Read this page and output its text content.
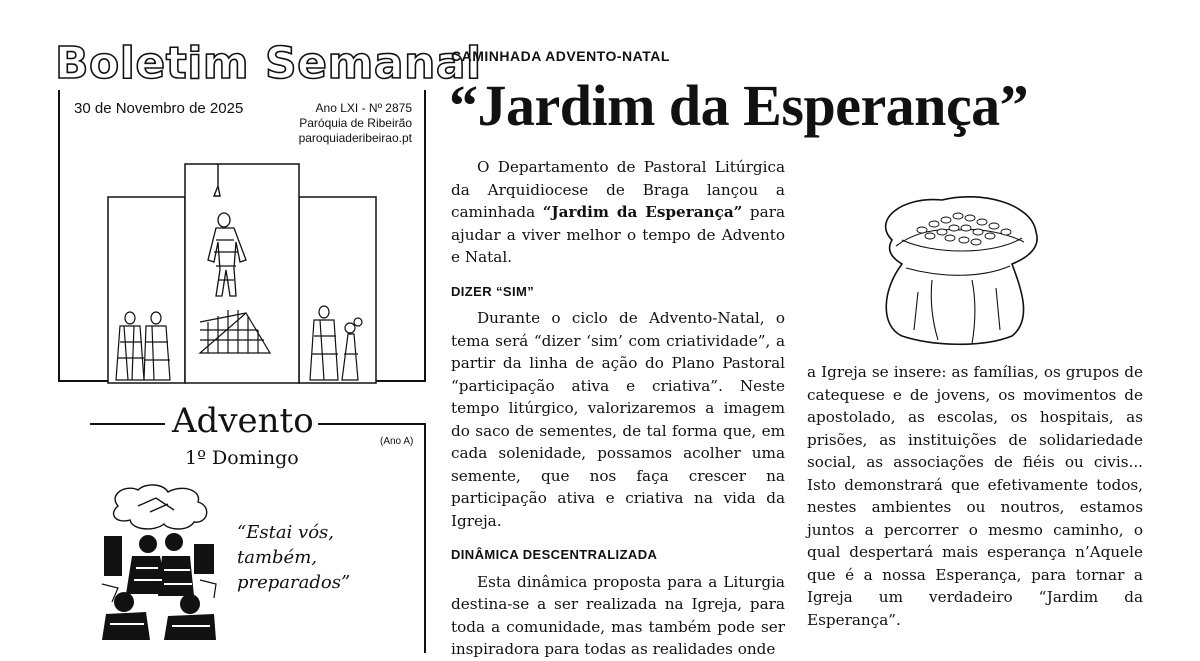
Boletim Semanal
30 de Novembro de 2025	Ano LXI - Nº 2875
Paróquia de Ribeirão
paroquiaderibeirao.pt
Advento
(Ano A)
1º Domingo
“Estai vós,
também,
preparados”
CAMINHADA ADVENTO-NATAL
“Jardim da Esperança”

O Departamento de Pastoral Litúrgica da Arquidiocese de Braga lançou a caminhada “Jardim da Esperança” para ajudar a viver melhor o tempo de Advento e Natal.

DIZER “SIM”

Durante o ciclo de Advento-Natal, o tema será “dizer ‘sim’ com criatividade”, a partir da linha de ação do Plano Pastoral “participação ativa e criativa”. Neste tempo litúrgico, valorizaremos a imagem do saco de sementes, de tal forma que, em cada solenidade, possamos acolher uma semente, que nos faça crescer na participação ativa e criativa na vida da Igreja.

DINÂMICA DESCENTRALIZADA

Esta dinâmica proposta para a Liturgia destina-se a ser realizada na Igreja, para toda a comunidade, mas também pode ser inspiradora para todas as realidades onde

a Igreja se insere: as famílias, os grupos de catequese e de jovens, os movimentos de apostolado, as escolas, os hospitais, as prisões, as instituições de solidariedade social, as associações de fiéis ou civis... Isto demonstrará que efetivamente todos, nestes ambientes ou noutros, estamos juntos a percorrer o mesmo caminho, o qual despertará mais esperança n’Aquele que é a nossa Esperança, para tornar a Igreja um verdadeiro “Jardim da Esperança”.
